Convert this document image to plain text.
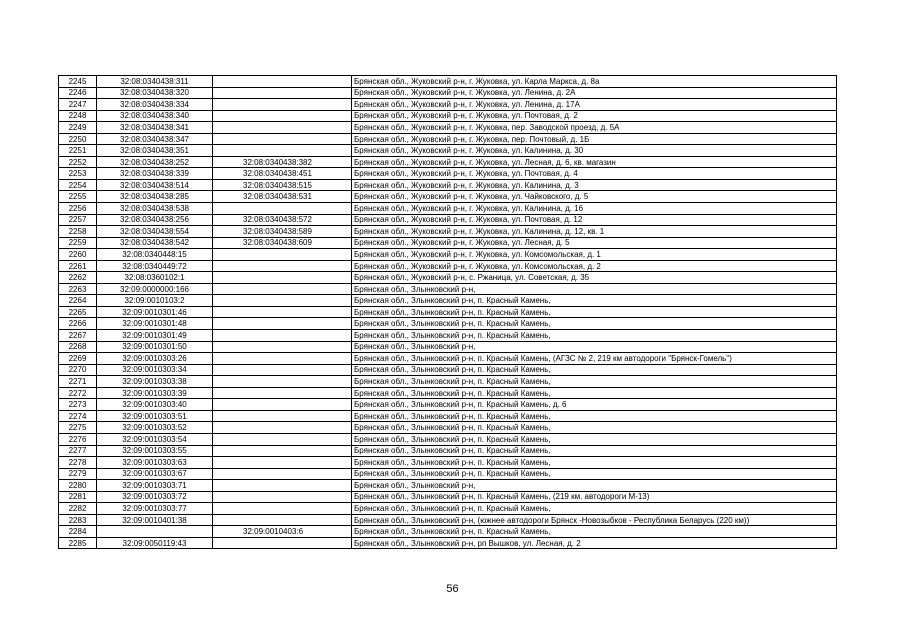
2245	32:08:0340438:311		Брянская обл., Жуковский р-н, г. Жуковка, ул. Карла Маркса, д. 8а
2246	32:08:0340438:320		Брянская обл., Жуковский р-н, г. Жуковка, ул. Ленина, д. 2А
2247	32:08:0340438:334		Брянская обл., Жуковский р-н, г. Жуковка, ул. Ленина, д. 17А
2248	32:08:0340438:340		Брянская обл., Жуковский р-н, г. Жуковка, ул. Почтовая, д. 2
2249	32:08:0340438:341		Брянская обл., Жуковский р-н, г. Жуковка, пер. Заводской проезд, д. 5А
2250	32:08:0340438:347		Брянская обл., Жуковский р-н, г. Жуковка, пер. Почтовый, д. 1Б
2251	32:08:0340438:351		Брянская обл., Жуковский р-н, г. Жуковка, ул. Калинина, д. 30
2252	32:08:0340438:252	32:08:0340438:382	Брянская обл., Жуковский р-н, г. Жуковка, ул. Лесная, д. 6, кв. магазин
2253	32:08:0340438:339	32:08:0340438:451	Брянская обл., Жуковский р-н, г. Жуковка, ул. Почтовая, д. 4
2254	32:08:0340438:514	32:08:0340438:515	Брянская обл., Жуковский р-н, г. Жуковка, ул. Калинина, д. 3
2255	32:08:0340438:285	32:08:0340438:531	Брянская обл., Жуковский р-н, г. Жуковка, ул. Чайковского, д. 5
2256	32:08:0340438:538		Брянская обл., Жуковский р-н, г. Жуковка, ул. Калинина, д. 16
2257	32:08:0340438:256	32:08:0340438:572	Брянская обл., Жуковский р-н, г. Жуковка, ул. Почтовая, д. 12
2258	32:08:0340438:554	32:08:0340438:589	Брянская обл., Жуковский р-н, г. Жуковка, ул. Калинина, д. 12, кв. 1
2259	32:08:0340438:542	32:08:0340438:609	Брянская обл., Жуковский р-н, г. Жуковка, ул. Лесная, д. 5
2260	32:08:0340448:15		Брянская обл., Жуковский р-н, г. Жуковка, ул. Комсомольская, д. 1
2261	32:08:0340449:72		Брянская обл., Жуковский р-н, г. Жуковка, ул. Комсомольская, д. 2
2262	32:08:0360102:1		Брянская обл., Жуковский р-н, с. Ржаница, ул. Советская, д. 35
2263	32:09:0000000:166		Брянская обл., Злынковский р-н,
2264	32:09:0010103:2		Брянская обл., Злынковский р-н, п. Красный Камень,
2265	32:09:0010301:46		Брянская обл., Злынковский р-н, п. Красный Камень,
2266	32:09:0010301:48		Брянская обл., Злынковский р-н, п. Красный Камень,
2267	32:09:0010301:49		Брянская обл., Злынковский р-н, п. Красный Камень,
2268	32:09:0010301:50		Брянская обл., Злынковский р-н,
2269	32:09:0010303:26		Брянская обл., Злынковский р-н, п. Красный Камень, (АГЗС № 2, 219 км автодороги "Брянск-Гомель")
2270	32:09:0010303:34		Брянская обл., Злынковский р-н, п. Красный Камень,
2271	32:09:0010303:38		Брянская обл., Злынковский р-н, п. Красный Камень,
2272	32:09:0010303:39		Брянская обл., Злынковский р-н, п. Красный Камень,
2273	32:09:0010303:40		Брянская обл., Злынковский р-н, п. Красный Камень, д. 6
2274	32:09:0010303:51		Брянская обл., Злынковский р-н, п. Красный Камень,
2275	32:09:0010303:52		Брянская обл., Злынковский р-н, п. Красный Камень,
2276	32:09:0010303:54		Брянская обл., Злынковский р-н, п. Красный Камень,
2277	32:09:0010303:55		Брянская обл., Злынковский р-н, п. Красный Камень,
2278	32:09:0010303:63		Брянская обл., Злынковский р-н, п. Красный Камень,
2279	32:09:0010303:67		Брянская обл., Злынковский р-н, п. Красный Камень,
2280	32:09:0010303:71		Брянская обл., Злынковский р-н,
2281	32:09:0010303:72		Брянская обл., Злынковский р-н, п. Красный Камень, (219 км. автодороги М-13)
2282	32:09:0010303:77		Брянская обл., Злынковский р-н, п. Красный Камень,
2283	32:09:0010401:38		Брянская обл., Злынковский р-н, (южнее автодороги Брянск -Новозыбков - Республика Беларусь (220 км))
2284		32:09:0010403:6	Брянская обл., Злынковский р-н, п. Красный Камень,
2285	32:09:0050119:43		Брянская обл., Злынковский р-н, рп Вышков, ул. Лесная, д. 2
56
